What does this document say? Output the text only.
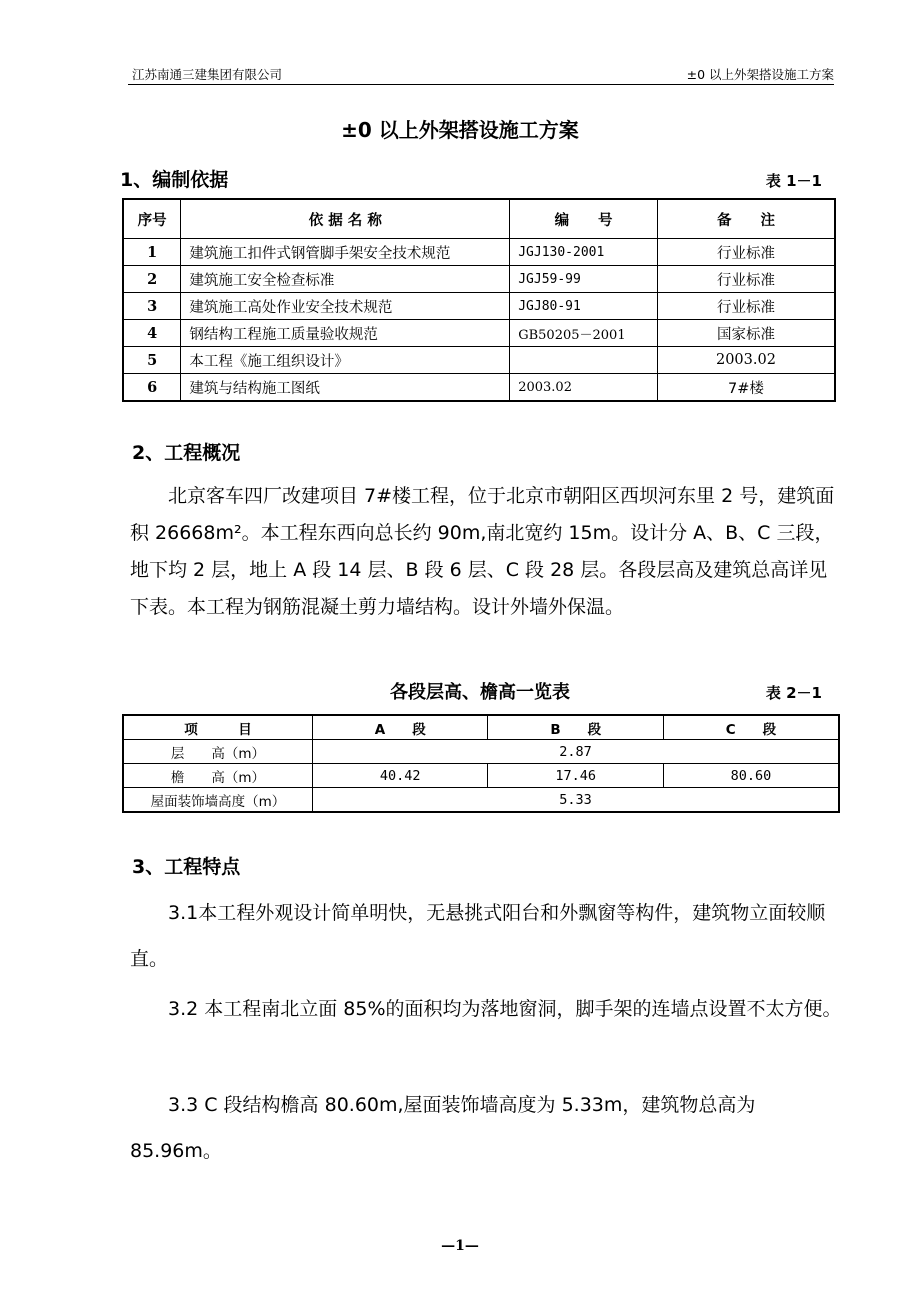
江苏南通三建集团有限公司	±0 以上外架搭设施工方案
±0 以上外架搭设施工方案
1、编制依据	表 1－1
序号	依 据 名 称	编　　号	备　　注
1	建筑施工扣件式钢管脚手架安全技术规范	JGJ130-2001	行业标准
2	建筑施工安全检查标准	JGJ59-99	行业标准
3	建筑施工高处作业安全技术规范	JGJ80-91	行业标准
4	钢结构工程施工质量验收规范	GB50205－2001	国家标准
5	本工程《施工组织设计》		2003.02
6	建筑与结构施工图纸	2003.02	7#楼
2、工程概况
北京客车四厂改建项目 7#楼工程，位于北京市朝阳区西坝河东里 2 号，建筑面积 26668m²。本工程东西向总长约 90m,南北宽约 15m。设计分 A、B、C 三段，地下均 2 层，地上 A 段 14 层、B 段 6 层、C 段 28 层。各段层高及建筑总高详见下表。本工程为钢筋混凝土剪力墙结构。设计外墙外保温。
各段层高、檐高一览表	表 2－1
项　　　目	A　　段	B　　段	C　　段
层　　高（m）	2.87		
檐　　高（m）	40.42	17.46	80.60
屋面装饰墙高度（m）	5.33		
3、工程特点
3.1本工程外观设计简单明快，无悬挑式阳台和外飘窗等构件，建筑物立面较顺直。
3.2 本工程南北立面 85%的面积均为落地窗洞，脚手架的连墙点设置不太方便。
3.3 C 段结构檐高 80.60m,屋面装饰墙高度为 5.33m，建筑物总高为 85.96m。
—1—
